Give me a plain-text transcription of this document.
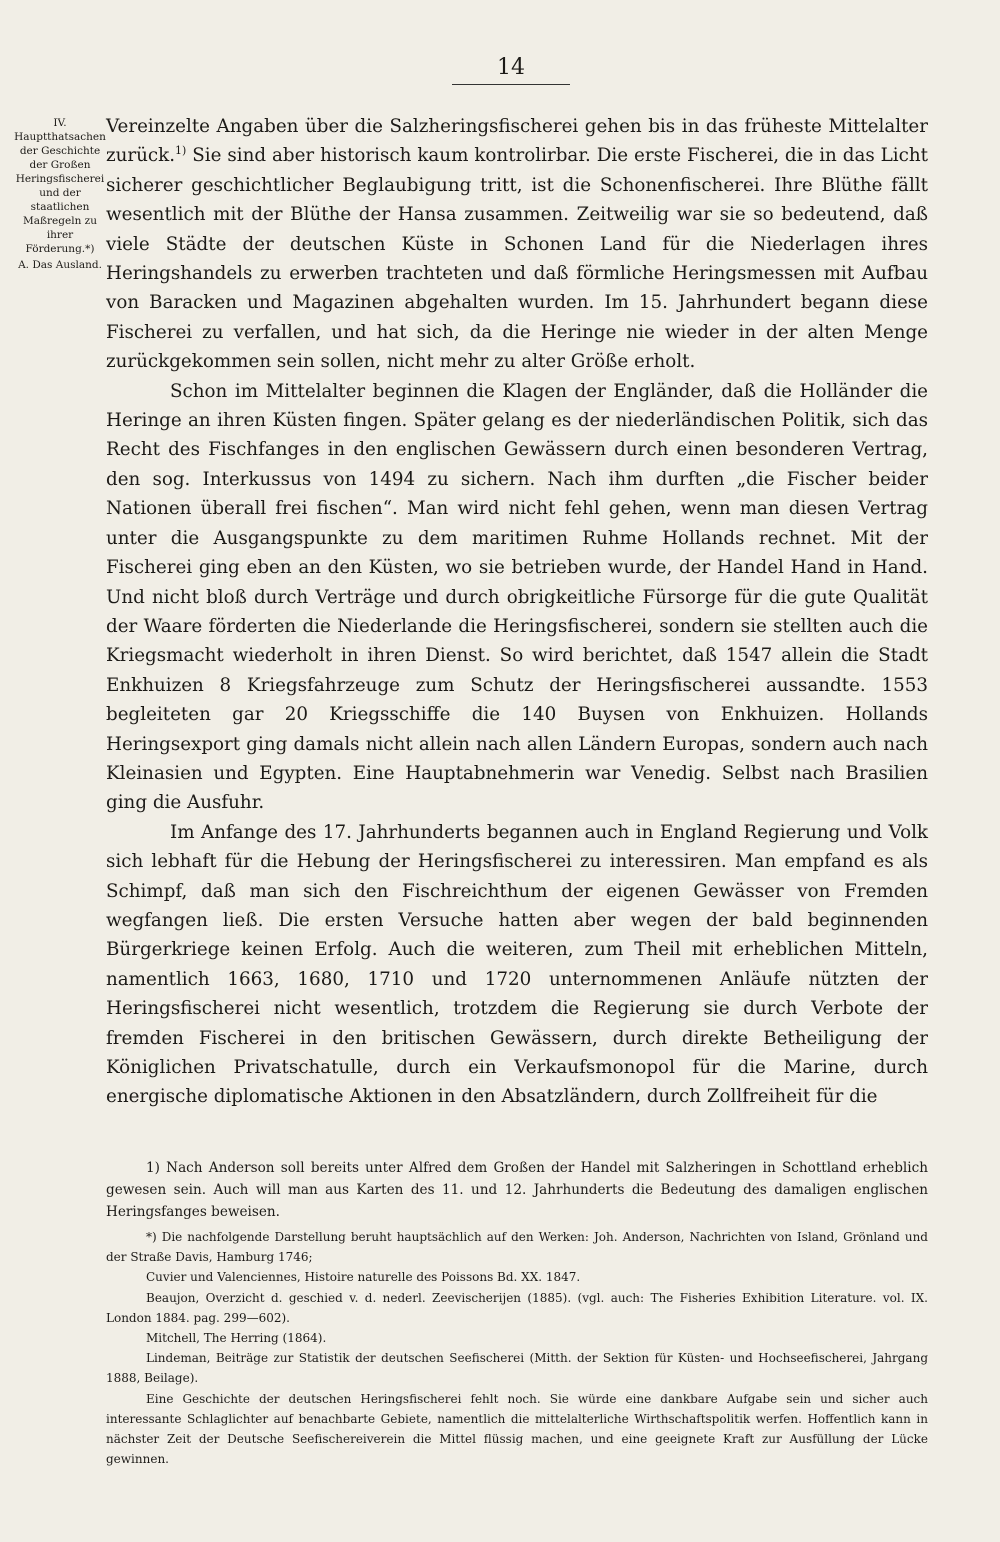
14

IV. Hauptthatsachen der Geschichte der Großen Heringsfischerei und der staatlichen Maßregeln zu ihrer Förderung.*)

A. Das Ausland.

Vereinzelte Angaben über die Salzheringsfischerei gehen bis in das früheste Mittelalter zurück.$^{1)}$ Sie sind aber historisch kaum kontrolirbar. Die erste Fischerei, die in das Licht sicherer geschichtlicher Beglaubigung tritt, ist die Schonenfischerei. Ihre Blüthe fällt wesentlich mit der Blüthe der Hansa zusammen. Zeitweilig war sie so bedeutend, daß viele Städte der deutschen Küste in Schonen Land für die Niederlagen ihres Heringshandels zu erwerben trachteten und daß förmliche Heringsmessen mit Aufbau von Baracken und Magazinen abgehalten wurden. Im 15. Jahrhundert begann diese Fischerei zu verfallen, und hat sich, da die Heringe nie wieder in der alten Menge zurückgekommen sein sollen, nicht mehr zu alter Größe erholt.

Schon im Mittelalter beginnen die Klagen der Engländer, daß die Holländer die Heringe an ihren Küsten fingen. Später gelang es der niederländischen Politik, sich das Recht des Fischfanges in den englischen Gewässern durch einen besonderen Vertrag, den sog. Interkussus von 1494 zu sichern. Nach ihm durften „die Fischer beider Nationen überall frei fischen“. Man wird nicht fehl gehen, wenn man diesen Vertrag unter die Ausgangspunkte zu dem maritimen Ruhme Hollands rechnet. Mit der Fischerei ging eben an den Küsten, wo sie betrieben wurde, der Handel Hand in Hand. Und nicht bloß durch Verträge und durch obrigkeitliche Fürsorge für die gute Qualität der Waare förderten die Niederlande die Heringsfischerei, sondern sie stellten auch die Kriegsmacht wiederholt in ihren Dienst. So wird berichtet, daß 1547 allein die Stadt Enkhuizen 8 Kriegsfahrzeuge zum Schutz der Heringsfischerei aussandte. 1553 begleiteten gar 20 Kriegsschiffe die 140 Buysen von Enkhuizen. Hollands Heringsexport ging damals nicht allein nach allen Ländern Europas, sondern auch nach Kleinasien und Egypten. Eine Hauptabnehmerin war Venedig. Selbst nach Brasilien ging die Ausfuhr.

Im Anfange des 17. Jahrhunderts begannen auch in England Regierung und Volk sich lebhaft für die Hebung der Heringsfischerei zu interessiren. Man empfand es als Schimpf, daß man sich den Fischreichthum der eigenen Gewässer von Fremden wegfangen ließ. Die ersten Versuche hatten aber wegen der bald beginnenden Bürgerkriege keinen Erfolg. Auch die weiteren, zum Theil mit erheblichen Mitteln, namentlich 1663, 1680, 1710 und 1720 unternommenen Anläufe nützten der Heringsfischerei nicht wesentlich, trotzdem die Regierung sie durch Verbote der fremden Fischerei in den britischen Gewässern, durch direkte Betheiligung der Königlichen Privatschatulle, durch ein Verkaufsmonopol für die Marine, durch energische diplomatische Aktionen in den Absatzländern, durch Zollfreiheit für die

1) Nach Anderson soll bereits unter Alfred dem Großen der Handel mit Salzheringen in Schottland erheblich gewesen sein. Auch will man aus Karten des 11. und 12. Jahrhunderts die Bedeutung des damaligen englischen Heringsfanges beweisen.

*) Die nachfolgende Darstellung beruht hauptsächlich auf den Werken: Joh. Anderson, Nachrichten von Island, Grönland und der Straße Davis, Hamburg 1746;

Cuvier und Valenciennes, Histoire naturelle des Poissons Bd. XX. 1847.

Beaujon, Overzicht d. geschied v. d. nederl. Zeevischerijen (1885). (vgl. auch: The Fisheries Exhibition Literature. vol. IX. London 1884. pag. 299—602).

Mitchell, The Herring (1864).

Lindeman, Beiträge zur Statistik der deutschen Seefischerei (Mitth. der Sektion für Küsten- und Hochseefischerei, Jahrgang 1888, Beilage).

Eine Geschichte der deutschen Heringsfischerei fehlt noch. Sie würde eine dankbare Aufgabe sein und sicher auch interessante Schlaglichter auf benachbarte Gebiete, namentlich die mittelalterliche Wirthschaftspolitik werfen. Hoffentlich kann in nächster Zeit der Deutsche Seefischereiverein die Mittel flüssig machen, und eine geeignete Kraft zur Ausfüllung der Lücke gewinnen.
